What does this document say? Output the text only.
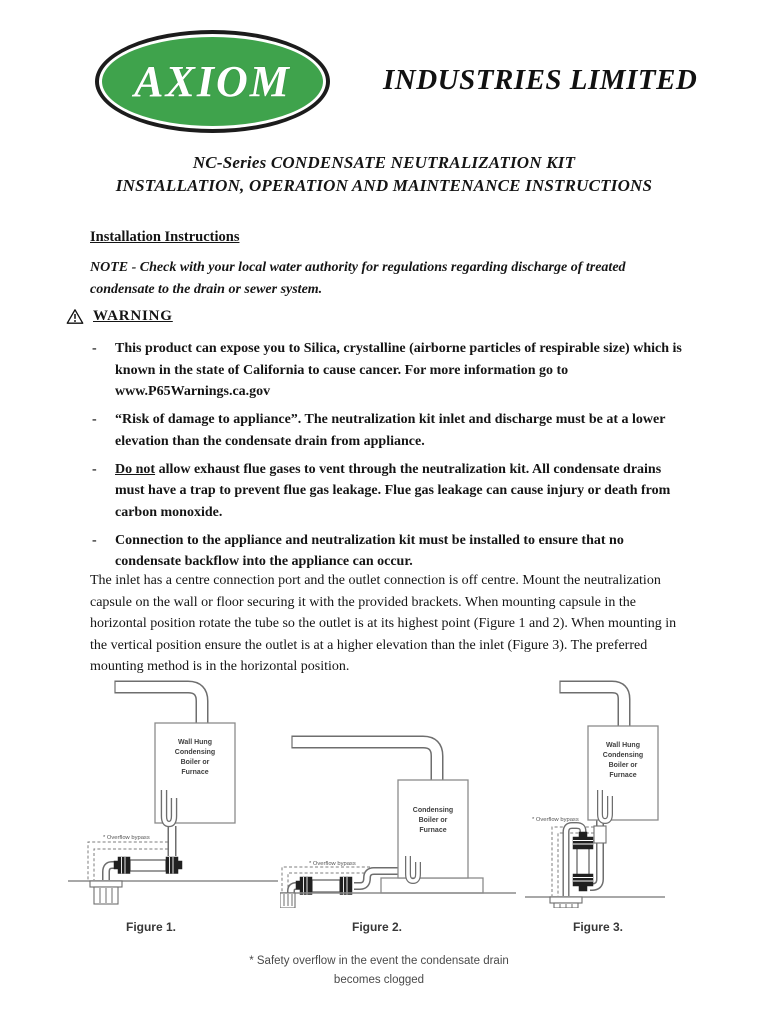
AXIOM	INDUSTRIES LIMITED
NC-Series CONDENSATE NEUTRALIZATION KIT
INSTALLATION, OPERATION AND MAINTENANCE INSTRUCTIONS
Installation Instructions
NOTE - Check with your local water authority for regulations regarding discharge of treated condensate to the drain or sewer system.
WARNING
-	This product can expose you to Silica, crystalline (airborne particles of respirable size) which is known in the state of California to cause cancer. For more information go to www.P65Warnings.ca.gov
-	“Risk of damage to appliance”. The neutralization kit inlet and discharge must be at a lower elevation than the condensate drain from appliance.
-	Do not allow exhaust flue gases to vent through the neutralization kit. All condensate drains must have a trap to prevent flue gas leakage. Flue gas leakage can cause injury or death from carbon monoxide.
-	Connection to the appliance and neutralization kit must be installed to ensure that no condensate backflow into the appliance can occur.
The inlet has a centre connection port and the outlet connection is off centre. Mount the neutralization capsule on the wall or floor securing it with the provided brackets. When mounting capsule in the horizontal position rotate the tube so the outlet is at its highest point (Figure 1 and 2). When mounting in the vertical position ensure the outlet is at a higher elevation than the inlet (Figure 3). The preferred mounting method is in the horizontal position.
Wall Hung
Condensing
Boiler or
Furnace
* Overflow bypass
Condensing
Boiler or
Furnace
* Overflow bypass
Wall Hung
Condensing
Boiler or
Furnace
* Overflow bypass
Figure 1.	Figure 2.	Figure 3.
* Safety overflow in the event the condensate drain
becomes clogged
